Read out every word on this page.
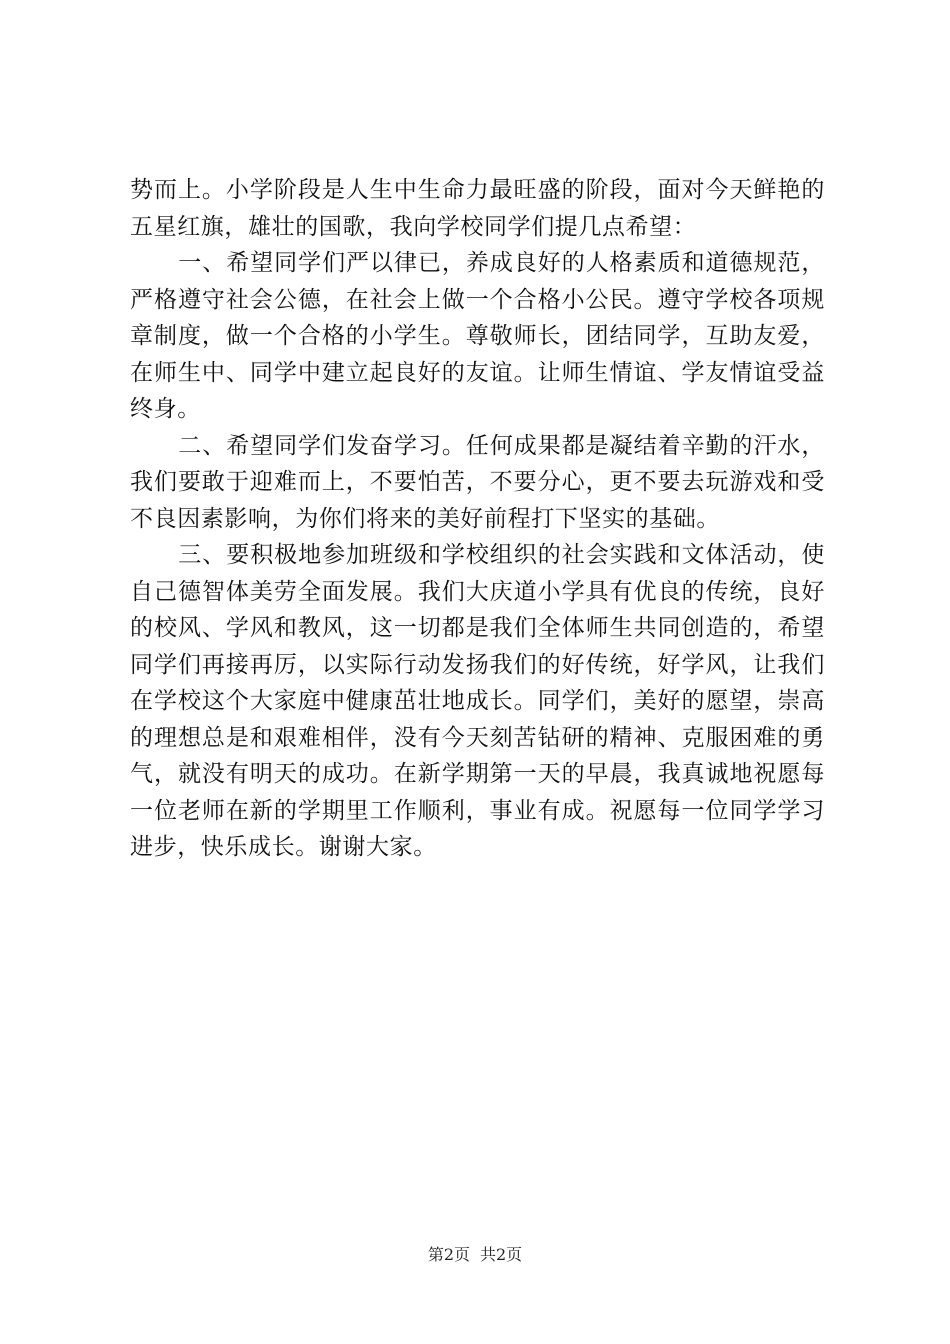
势而上。小学阶段是人生中生命力最旺盛的阶段，面对今天鲜艳的五星红旗，雄壮的国歌，我向学校同学们提几点希望：

一、希望同学们严以律已，养成良好的人格素质和道德规范，严格遵守社会公德，在社会上做一个合格小公民。遵守学校各项规章制度，做一个合格的小学生。尊敬师长，团结同学，互助友爱，在师生中、同学中建立起良好的友谊。让师生情谊、学友情谊受益终身。

二、希望同学们发奋学习。任何成果都是凝结着辛勤的汗水，我们要敢于迎难而上，不要怕苦，不要分心，更不要去玩游戏和受不良因素影响，为你们将来的美好前程打下坚实的基础。

三、要积极地参加班级和学校组织的社会实践和文体活动，使自己德智体美劳全面发展。我们大庆道小学具有优良的传统，良好的校风、学风和教风，这一切都是我们全体师生共同创造的，希望同学们再接再厉，以实际行动发扬我们的好传统，好学风，让我们在学校这个大家庭中健康茁壮地成长。同学们，美好的愿望，崇高的理想总是和艰难相伴，没有今天刻苦钻研的精神、克服困难的勇气，就没有明天的成功。在新学期第一天的早晨，我真诚地祝愿每一位老师在新的学期里工作顺利，事业有成。祝愿每一位同学学习进步，快乐成长。谢谢大家。

第2页 共2页
